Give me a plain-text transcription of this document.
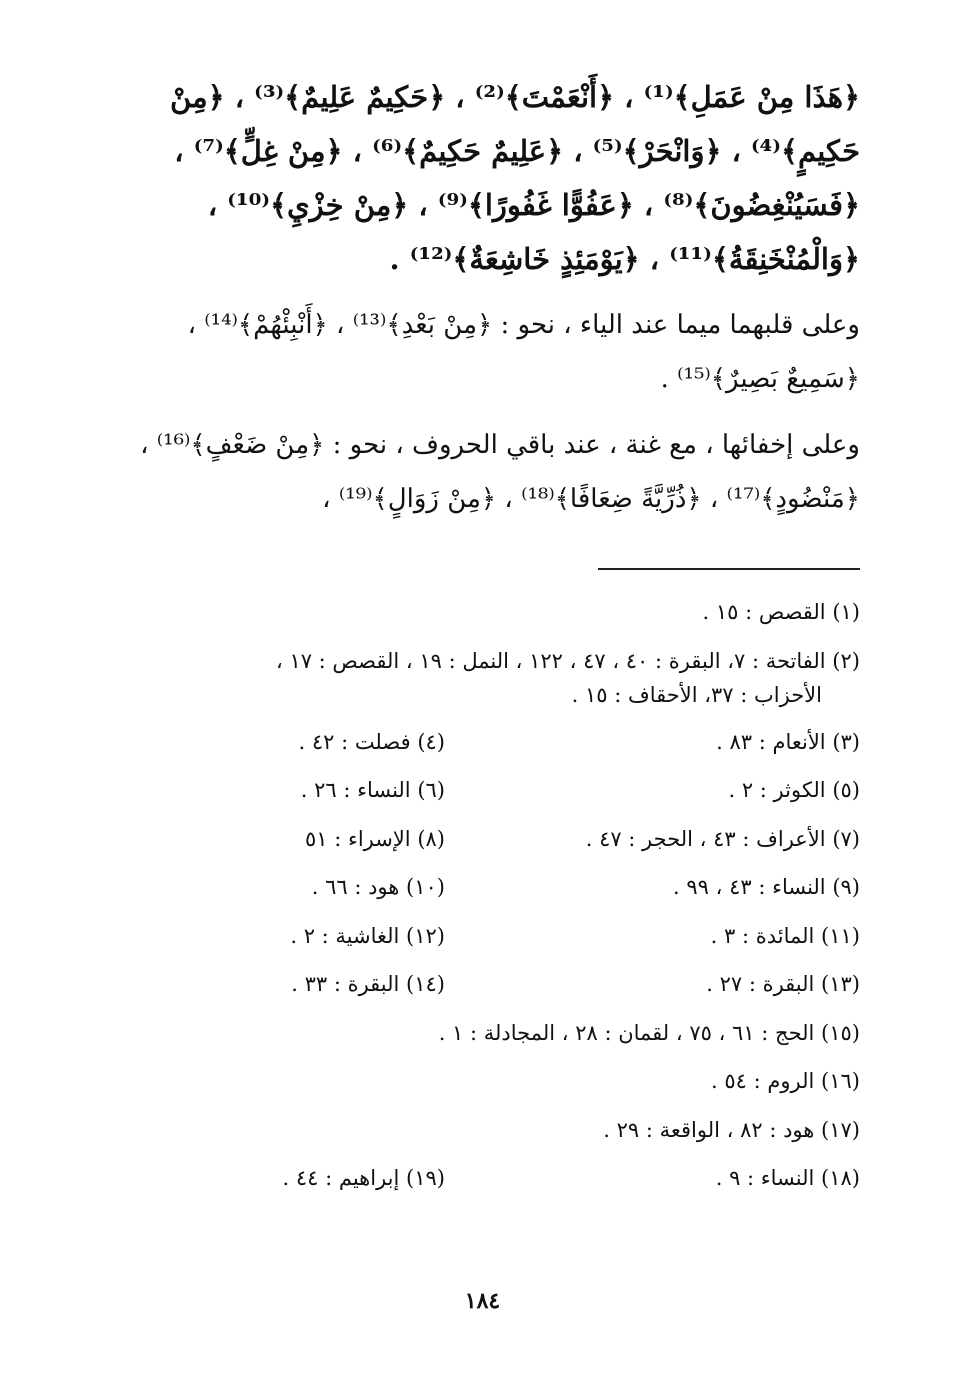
﴿هَذَا مِنْ عَمَلِ﴾⁽¹⁾ ، ﴿أَنْعَمْتَ﴾⁽²⁾ ، ﴿حَكِيمٌ عَلِيمٌ﴾⁽³⁾ ، ﴿مِنْ
حَكِيمٍ﴾⁽⁴⁾ ، ﴿وَانْحَرْ﴾⁽⁵⁾ ، ﴿عَلِيمٌ حَكِيمٌ﴾⁽⁶⁾ ، ﴿مِنْ غِلٍّ﴾⁽⁷⁾ ،
﴿فَسَيُنْغِضُونَ﴾⁽⁸⁾ ، ﴿عَفُوًّا غَفُورًا﴾⁽⁹⁾ ، ﴿مِنْ خِزْيِ﴾⁽¹⁰⁾ ،
﴿وَالْمُنْخَنِقَةُ﴾⁽¹¹⁾ ، ﴿يَوْمَئِذٍ خَاشِعَةٌ﴾⁽¹²⁾ .
وعلى قلبهما ميما عند الياء ، نحو : ﴿مِنْ بَعْدِ﴾⁽¹³⁾ ، ﴿أَنْبِئْهُمْ﴾⁽¹⁴⁾ ،
﴿سَمِيعٌ بَصِيرٌ﴾⁽¹⁵⁾ .
وعلى إخفائها ، مع غنة ، عند باقي الحروف ، نحو : ﴿مِنْ ضَعْفٍ﴾⁽¹⁶⁾ ،
﴿مَنْضُودٍ﴾⁽¹⁷⁾ ، ﴿ذُرِّيَّةً ضِعَافًا﴾⁽¹⁸⁾ ، ﴿مِنْ زَوَالٍ﴾⁽¹⁹⁾ ،
(١) القصص : ١٥ .
(٢) الفاتحة : ٧، البقرة : ٤٠ ، ٤٧ ، ١٢٢ ، النمل : ١٩ ، القصص : ١٧ ،
الأحزاب : ٣٧، الأحقاف : ١٥ .
(٣) الأنعام : ٨٣ .
(٤) فصلت : ٤٢ .
(٥) الكوثر : ٢ .
(٦) النساء : ٢٦ .
(٧) الأعراف : ٤٣ ، الحجر : ٤٧ .
(٨) الإسراء : ٥١
(٩) النساء : ٤٣ ، ٩٩ .
(١٠) هود : ٦٦ .
(١١) المائدة : ٣ .
(١٢) الغاشية : ٢ .
(١٣) البقرة : ٢٧ .
(١٤) البقرة : ٣٣ .
(١٥) الحج : ٦١ ، ٧٥ ، لقمان : ٢٨ ، المجادلة : ١ .
(١٦) الروم : ٥٤ .
(١٧) هود : ٨٢ ، الواقعة : ٢٩ .
(١٨) النساء : ٩ .
(١٩) إبراهيم : ٤٤ .
١٨٤
